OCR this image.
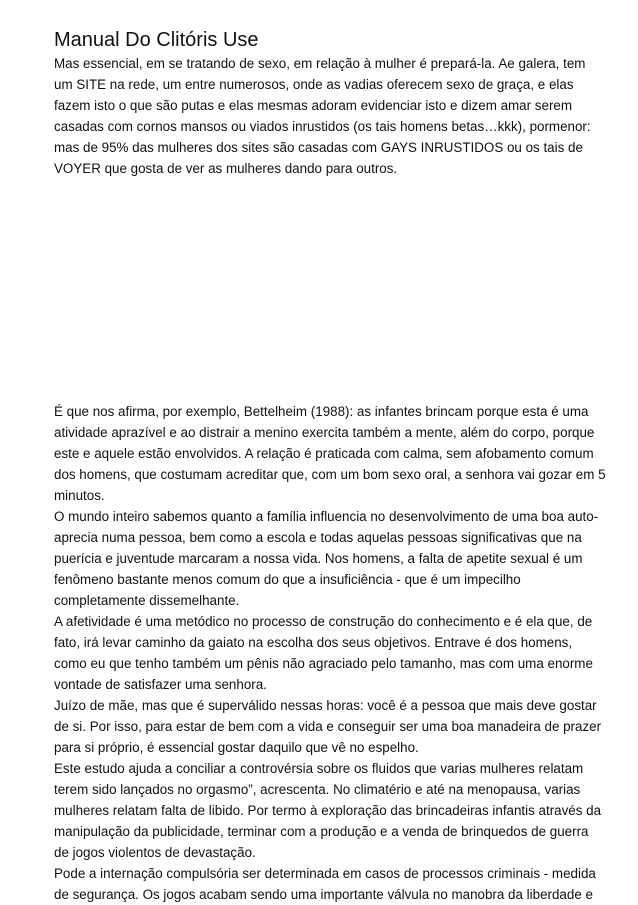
Manual Do Clitóris Use

Mas essencial, em se tratando de sexo, em relação à mulher é prepará-la. Ae galera, tem
um SITE na rede, um entre numerosos, onde as vadias oferecem sexo de graça, e elas
fazem isto o que são putas e elas mesmas adoram evidenciar isto e dizem amar serem
casadas com cornos mansos ou viados inrustidos (os tais homens betas…kkk), pormenor:
mas de 95% das mulheres dos sites são casadas com GAYS INRUSTIDOS ou os tais de
VOYER que gosta de ver as mulheres dando para outros.

É que nos afirma, por exemplo, Bettelheim (1988): as infantes brincam porque esta é uma
atividade aprazível e ao distrair a menino exercita também a mente, além do corpo, porque
este e aquele estão envolvidos. A relação é praticada com calma, sem afobamento comum
dos homens, que costumam acreditar que, com um bom sexo oral, a senhora vai gozar em 5
minutos.

O mundo inteiro sabemos quanto a família influencia no desenvolvimento de uma boa auto-
aprecia numa pessoa, bem como a escola e todas aquelas pessoas significativas que na
puerícia e juventude marcaram a nossa vida. Nos homens, a falta de apetite sexual é um
fenômeno bastante menos comum do que a insuficiência - que é um impecilho
completamente dissemelhante.

A afetividade é uma metódico no processo de construção do conhecimento e é ela que, de
fato, irá levar caminho da gaiato na escolha dos seus objetivos. Entrave é dos homens,
como eu que tenho também um pênis não agraciado pelo tamanho, mas com uma enorme
vontade de satisfazer uma senhora.

Juízo de mãe, mas que é superválido nessas horas: você é a pessoa que mais deve gostar
de si. Por isso, para estar de bem com a vida e conseguir ser uma boa manadeira de prazer
para si próprio, é essencial gostar daquilo que vê no espelho.

Este estudo ajuda a conciliar a controvérsia sobre os fluidos que varias mulheres relatam
terem sido lançados no orgasmo”, acrescenta. No climatério e até na menopausa, varias
mulheres relatam falta de libido. Por termo à exploração das brincadeiras infantis através da
manipulação da publicidade, terminar com a produção e a venda de brinquedos de guerra
de jogos violentos de devastação.

Pode a internação compulsória ser determinada em casos de processos criminais - medida
de segurança. Os jogos acabam sendo uma importante válvula no manobra da liberdade e
